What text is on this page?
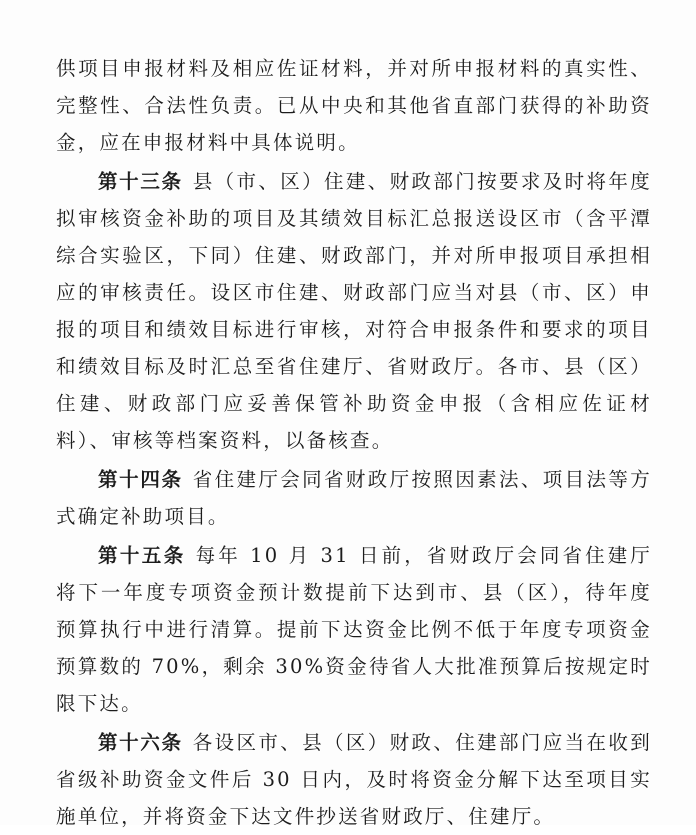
供项目申报材料及相应佐证材料，并对所申报材料的真实性、完整性、合法性负责。已从中央和其他省直部门获得的补助资金，应在申报材料中具体说明。

第十三条 县（市、区）住建、财政部门按要求及时将年度拟审核资金补助的项目及其绩效目标汇总报送设区市（含平潭综合实验区，下同）住建、财政部门，并对所申报项目承担相应的审核责任。设区市住建、财政部门应当对县（市、区）申报的项目和绩效目标进行审核，对符合申报条件和要求的项目和绩效目标及时汇总至省住建厅、省财政厅。各市、县（区）住建、财政部门应妥善保管补助资金申报（含相应佐证材料）、审核等档案资料，以备核查。

第十四条 省住建厅会同省财政厅按照因素法、项目法等方式确定补助项目。

第十五条 每年 10 月 31 日前，省财政厅会同省住建厅将下一年度专项资金预计数提前下达到市、县（区），待年度预算执行中进行清算。提前下达资金比例不低于年度专项资金预算数的 70%，剩余 30%资金待省人大批准预算后按规定时限下达。

第十六条 各设区市、县（区）财政、住建部门应当在收到省级补助资金文件后 30 日内，及时将资金分解下达至项目实施单位，并将资金下达文件抄送省财政厅、住建厅。
